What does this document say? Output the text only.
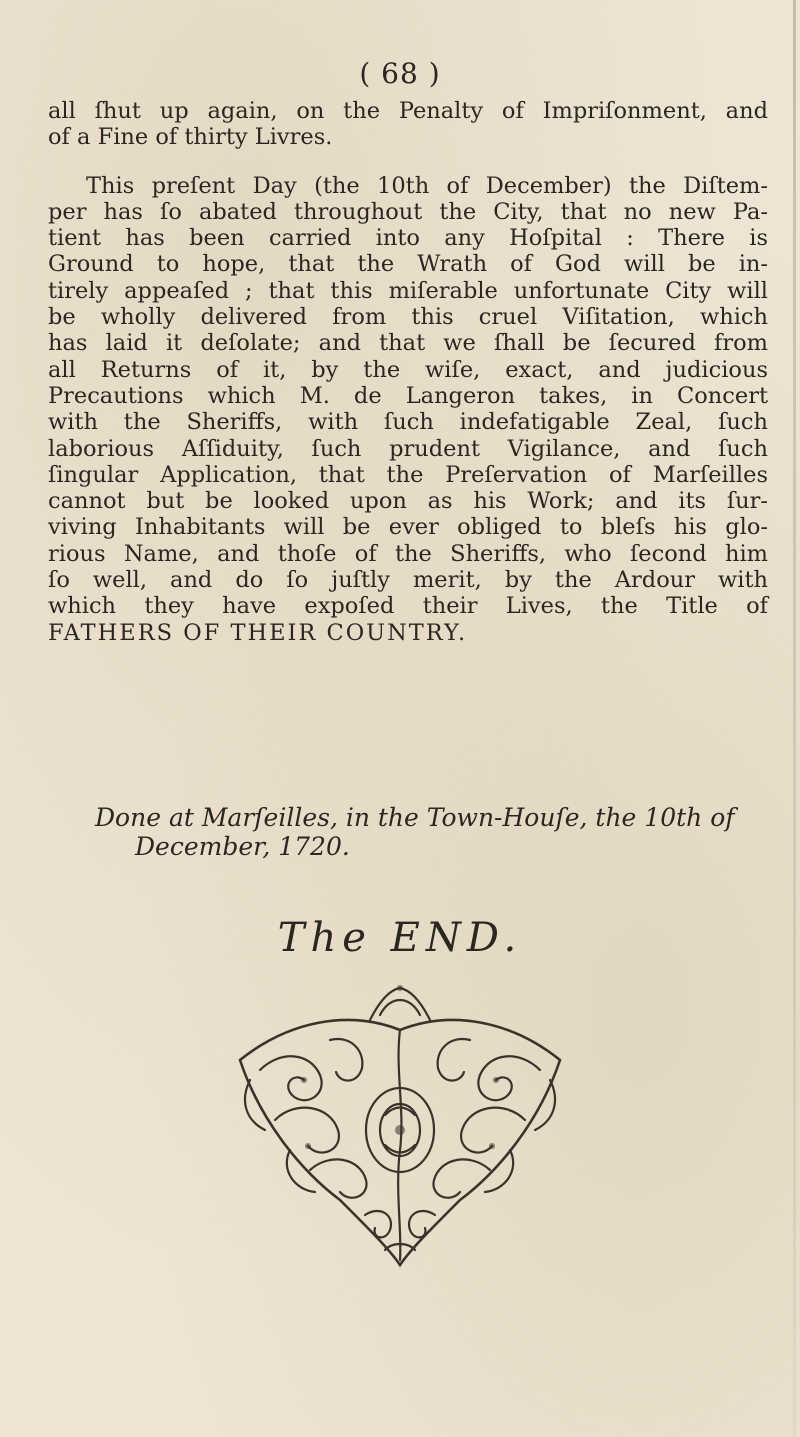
( 68 )
all ſhut up again, on the Penalty of Impriſonment, and
of a Fine of thirty Livres.
This preſent Day (the 10th of December) the Diſtem-
per has ſo abated throughout the City, that no new Pa-
tient has been carried into any Hoſpital : There is
Ground to hope, that the Wrath of God will be in-
tirely appeaſed ; that this miſerable unfortunate City will
be wholly delivered from this cruel Viſitation, which
has laid it deſolate; and that we ſhall be ſecured from
all Returns of it, by the wiſe, exact, and judicious
Precautions which M. de Langeron takes, in Concert
with the Sheriffs, with ſuch indefatigable Zeal, ſuch
laborious Aſſiduity, ſuch prudent Vigilance, and ſuch
ſingular Application, that the Preſervation of Marſeilles
cannot but be looked upon as his Work; and its ſur-
viving Inhabitants will be ever obliged to bleſs his glo-
rious Name, and thoſe of the Sheriffs, who ſecond him
ſo well, and do ſo juſtly merit, by the Ardour with
which they have expoſed their Lives, the Title of
FATHERS OF THEIR COUNTRY.
Done at Marſeilles, in the Town-Houſe, the 10th of
December, 1720.
The END.
